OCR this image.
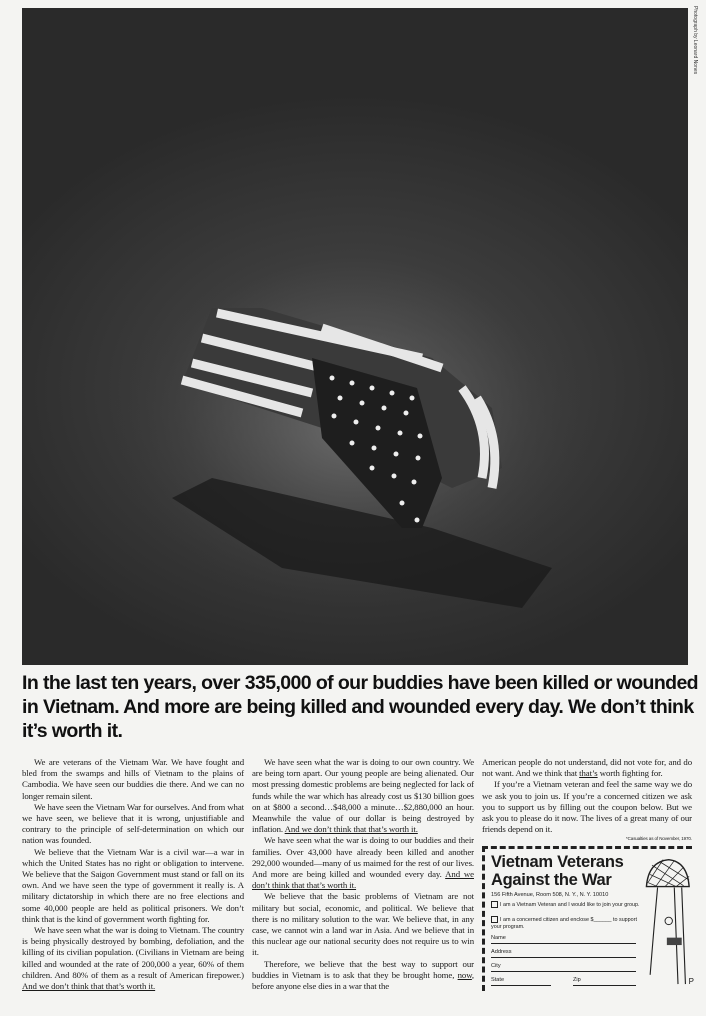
Photograph by Leonard Nones
In the last ten years, over 335,000 of our buddies have been killed or wounded in Vietnam. And more are being killed and wounded every day. We don’t think it’s worth it.

We are veterans of the Vietnam War. We have fought and bled from the swamps and hills of Vietnam to the plains of Cambodia. We have seen our buddies die there. And we can no longer remain silent.

We have seen the Vietnam War for ourselves. And from what we have seen, we believe that it is wrong, unjustifiable and contrary to the principle of self-determination on which our nation was founded.

We believe that the Vietnam War is a civil war—a war in which the United States has no right or obligation to intervene. We believe that the Saigon Government must stand or fall on its own. And we have seen the type of government it really is. A military dictatorship in which there are no free elections and some 40,000 people are held as political prisoners. We don’t think that is the kind of government worth fighting for.

We have seen what the war is doing to Vietnam. The country is being physically destroyed by bombing, defoliation, and the killing of its civilian population. (Civilians in Vietnam are being killed and wounded at the rate of 200,000 a year, 60% of them children. And 80% of them as a result of American firepower.) And we don’t think that that’s worth it.

We have seen what the war is doing to our own country. We are being torn apart. Our young people are being alienated. Our most pressing domestic problems are being neglected for lack of funds while the war which has already cost us $130 billion goes on at $800 a second…$48,000 a minute…$2,880,000 an hour. Meanwhile the value of our dollar is being destroyed by inflation. And we don’t think that that’s worth it.

We have seen what the war is doing to our buddies and their families. Over 43,000 have already been killed and another 292,000 wounded—many of us maimed for the rest of our lives. And more are being killed and wounded every day. And we don’t think that that’s worth it.

We believe that the basic problems of Vietnam are not military but social, economic, and political. We believe that there is no military solution to the war. We believe that, in any case, we cannot win a land war in Asia. And we believe that in this nuclear age our national security does not require us to win it.

Therefore, we believe that the best way to support our buddies in Vietnam is to ask that they be brought home, now, before anyone else dies in a war that the

American people do not understand, did not vote for, and do not want. And we think that that’s worth fighting for.

If you’re a Vietnam veteran and feel the same way we do we ask you to join us. If you’re a concerned citizen we ask you to support us by filling out the coupon below. But we ask you to please do it now. The lives of a great many of our friends depend on it.

*Casualties as of November, 1970.
Vietnam Veterans
Against the War
156 Fifth Avenue, Room 508, N. Y., N. Y. 10010
I am a Vietnam Veteran and I would like to join your group.
I am a concerned citizen and enclose $______ to support your program.
Name
Address
City
State	Zip	P
